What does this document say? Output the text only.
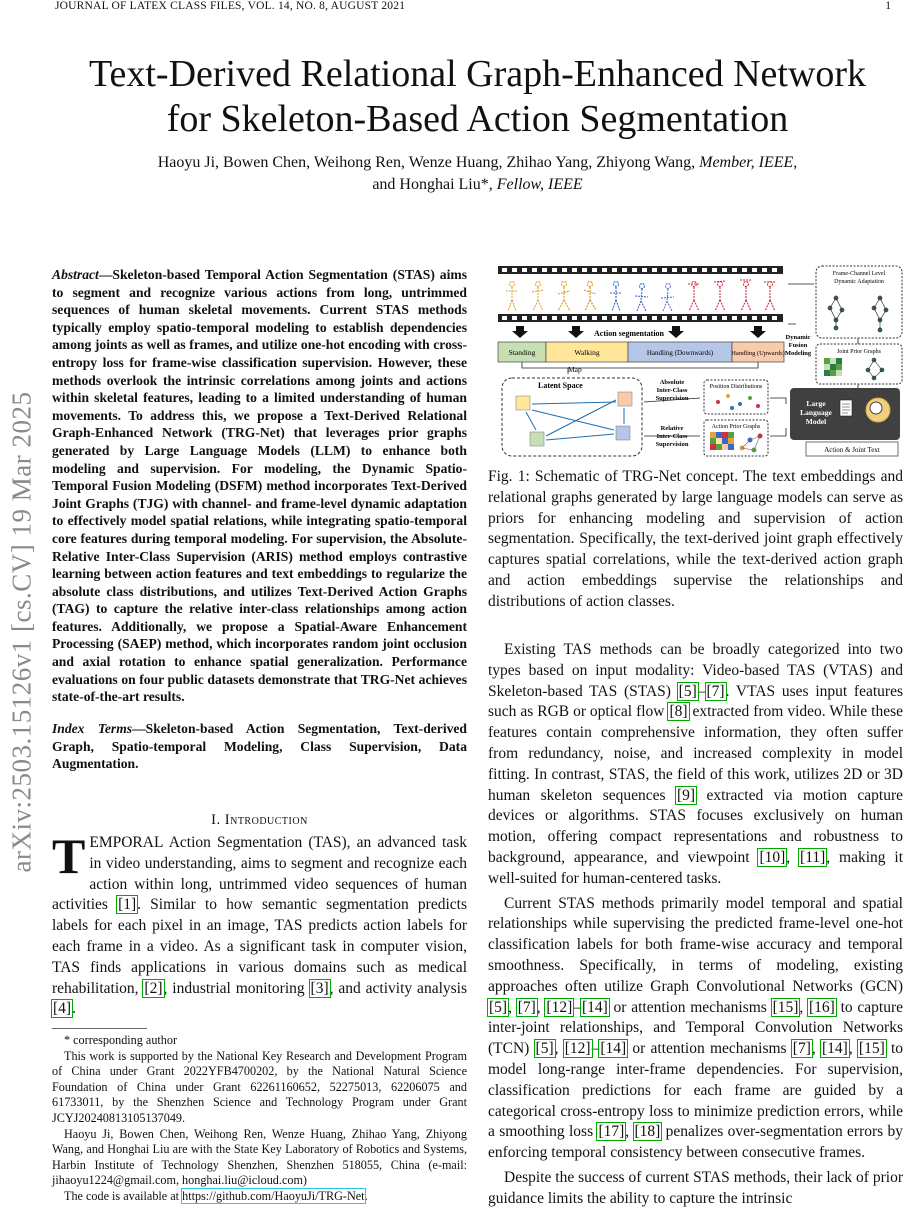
JOURNAL OF LATEX CLASS FILES, VOL. 14, NO. 8, AUGUST 2021	1
arXiv:2503.15126v1 [cs.CV] 19 Mar 2025
Text-Derived Relational Graph-Enhanced Network
for Skeleton-Based Action Segmentation
Haoyu Ji, Bowen Chen, Weihong Ren, Wenze Huang, Zhihao Yang, Zhiyong Wang, Member, IEEE,
and Honghai Liu*, Fellow, IEEE
Abstract—Skeleton-based Temporal Action Segmentation (STAS) aims to segment and recognize various actions from long, untrimmed sequences of human skeletal movements. Current STAS methods typically employ spatio-temporal modeling to establish dependencies among joints as well as frames, and utilize one-hot encoding with cross-entropy loss for frame-wise classification supervision. However, these methods overlook the intrinsic correlations among joints and actions within skeletal features, leading to a limited understanding of human movements. To address this, we propose a Text-Derived Relational Graph-Enhanced Network (TRG-Net) that leverages prior graphs generated by Large Language Models (LLM) to enhance both modeling and supervision. For modeling, the Dynamic Spatio-Temporal Fusion Modeling (DSFM) method incorporates Text-Derived Joint Graphs (TJG) with channel- and frame-level dynamic adaptation to effectively model spatial relations, while integrating spatio-temporal core features during temporal modeling. For supervision, the Absolute-Relative Inter-Class Supervision (ARIS) method employs contrastive learning between action features and text embeddings to regularize the absolute class distributions, and utilizes Text-Derived Action Graphs (TAG) to capture the relative inter-class relationships among action features. Additionally, we propose a Spatial-Aware Enhancement Processing (SAEP) method, which incorporates random joint occlusion and axial rotation to enhance spatial generalization. Performance evaluations on four public datasets demonstrate that TRG-Net achieves state-of-the-art results.
Index Terms—Skeleton-based Action Segmentation, Text-derived Graph, Spatio-temporal Modeling, Class Supervision, Data Augmentation.
I. Introduction
TEMPORAL Action Segmentation (TAS), an advanced task in video understanding, aims to segment and recognize each action within long, untrimmed video sequences of human activities [1]. Similar to how semantic segmentation predicts labels for each pixel in an image, TAS predicts action labels for each frame in a video. As a significant task in computer vision, TAS finds applications in various domains such as medical rehabilitation, [2], industrial monitoring [3], and activity analysis [4].

* corresponding author

This work is supported by the National Key Research and Development Program of China under Grant 2022YFB4700202, by the National Natural Science Foundation of China under Grant 62261160652, 52275013, 62206075 and 61733011, by the Shenzhen Science and Technology Program under Grant JCYJ20240813105137049.

Haoyu Ji, Bowen Chen, Weihong Ren, Wenze Huang, Zhihao Yang, Zhiyong Wang, and Honghai Liu are with the State Key Laboratory of Robotics and Systems, Harbin Institute of Technology Shenzhen, Shenzhen 518055, China (e-mail: jihaoyu1224@gmail.com, honghai.liu@icloud.com)

The code is available at https://github.com/HaoyuJi/TRG-Net.

Action segmentation
Standing	Walking	Handling (Downwards)	Handling (Upwards)
Map
Latent Space	Absolute Inter-Class Supervision
Relative Inter-Class Supervision
Position Distributions
Action Prior Graphs
Dynamic Fusion Modeling
Frame-Channel Level Dynamic Adaptation
Joint Prior Graphs
Large Language Model
Action & Joint Text
Fig. 1: Schematic of TRG-Net concept. The text embeddings and relational graphs generated by large language models can serve as priors for enhancing modeling and supervision of action segmentation. Specifically, the text-derived joint graph effectively captures spatial correlations, while the text-derived action graph and action embeddings supervise the relationships and distributions of action classes.

Existing TAS methods can be broadly categorized into two types based on input modality: Video-based TAS (VTAS) and Skeleton-based TAS (STAS) [5]–[7]. VTAS uses input features such as RGB or optical flow [8] extracted from video. While these features contain comprehensive information, they often suffer from redundancy, noise, and increased complexity in model fitting. In contrast, STAS, the field of this work, utilizes 2D or 3D human skeleton sequences [9] extracted via motion capture devices or algorithms. STAS focuses exclusively on human motion, offering compact representations and robustness to background, appearance, and viewpoint [10], [11], making it well-suited for human-centered tasks.

Current STAS methods primarily model temporal and spatial relationships while supervising the predicted frame-level one-hot classification labels for both frame-wise accuracy and temporal smoothness. Specifically, in terms of modeling, existing approaches often utilize Graph Convolutional Networks (GCN) [5], [7], [12]–[14] or attention mechanisms [15], [16] to capture inter-joint relationships, and Temporal Convolution Networks (TCN) [5], [12]–[14] or attention mechanisms [7], [14], [15] to model long-range inter-frame dependencies. For supervision, classification predictions for each frame are guided by a categorical cross-entropy loss to minimize prediction errors, while a smoothing loss [17], [18] penalizes over-segmentation errors by enforcing temporal consistency between consecutive frames.

Despite the success of current STAS methods, their lack of prior guidance limits the ability to capture the intrinsic
